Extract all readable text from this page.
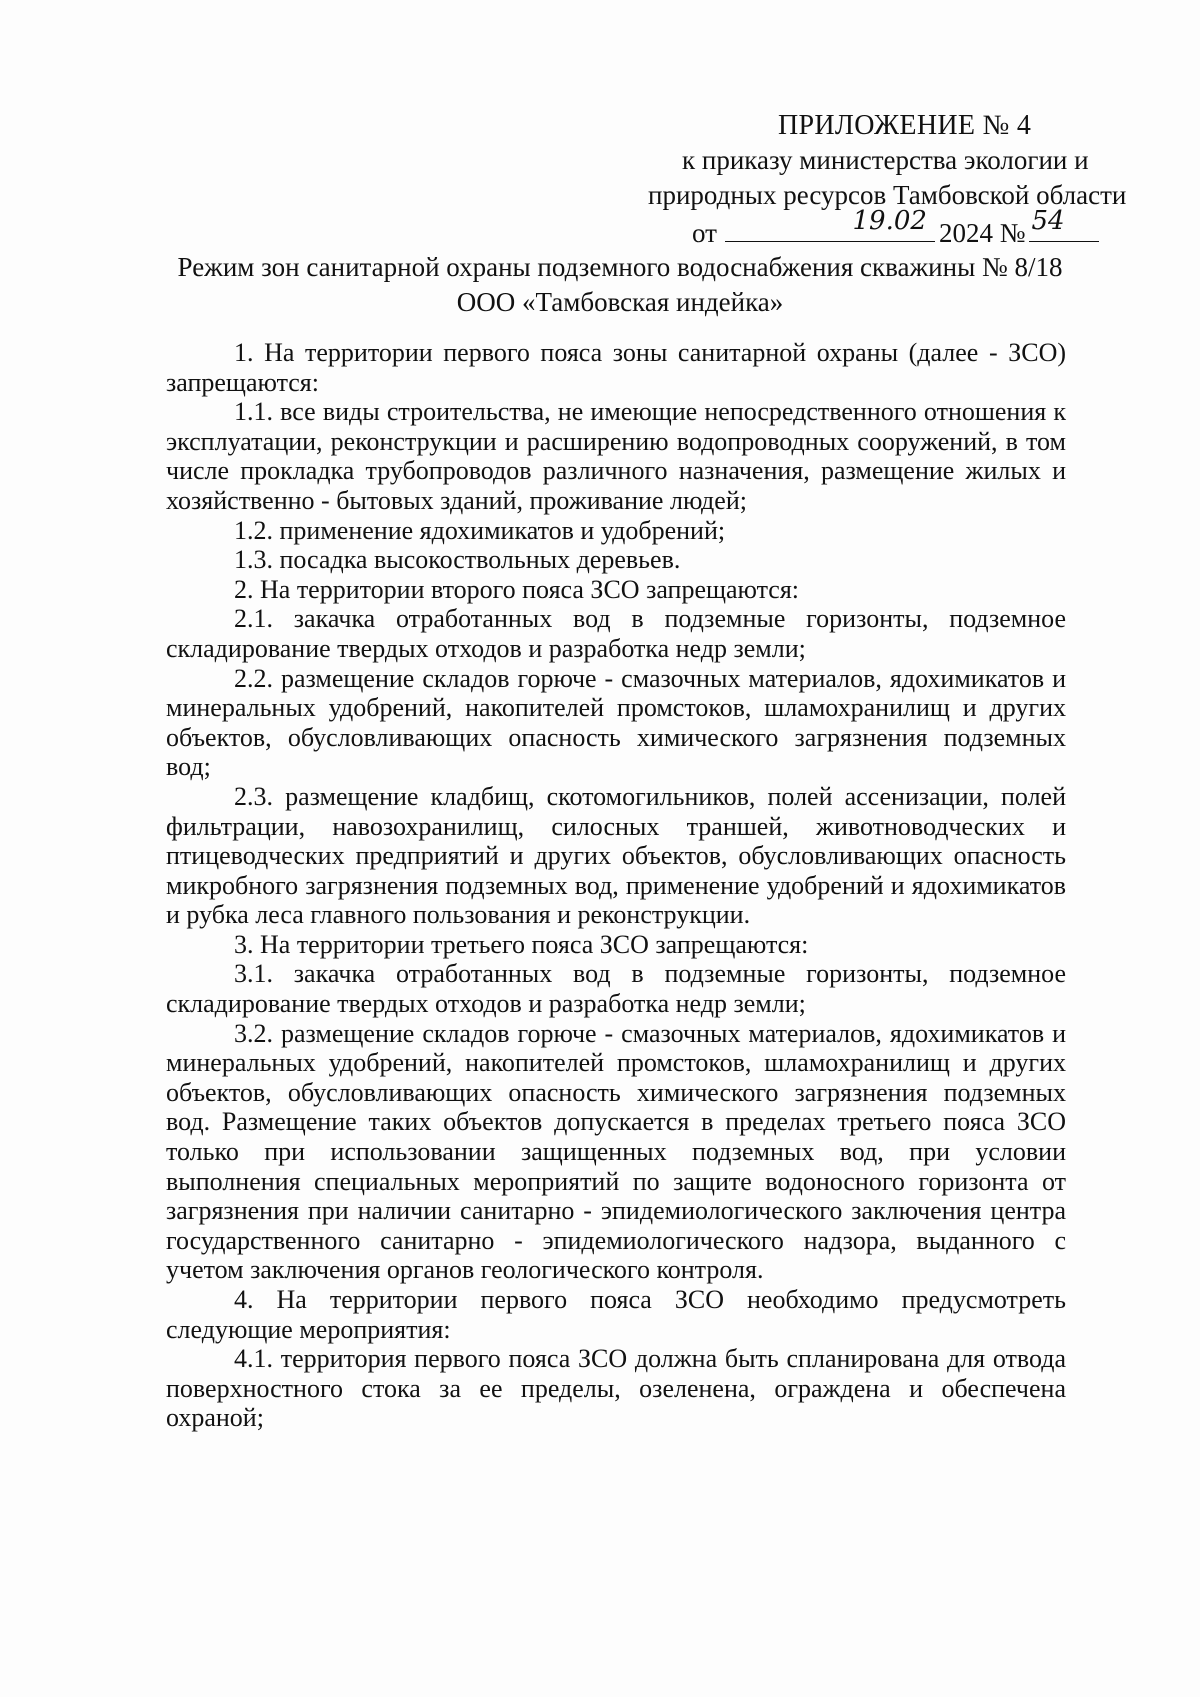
ПРИЛОЖЕНИЕ № 4
к приказу министерства экологии и
природных ресурсов Тамбовской области
от	19.02 2024 № 54
Режим зон санитарной охраны подземного водоснабжения скважины № 8/18
ООО «Тамбовская индейка»

1. На территории первого пояса зоны санитарной охраны (далее - ЗСО) запрещаются:

1.1. все виды строительства, не имеющие непосредственного отношения к эксплуатации, реконструкции и расширению водопроводных сооружений, в том числе прокладка трубопроводов различного назначения, размещение жилых и хозяйственно - бытовых зданий, проживание людей;

1.2. применение ядохимикатов и удобрений;

1.3. посадка высокоствольных деревьев.

2. На территории второго пояса ЗСО запрещаются:

2.1. закачка отработанных вод в подземные горизонты, подземное складирование твердых отходов и разработка недр земли;

2.2. размещение складов горюче - смазочных материалов, ядохимикатов и минеральных удобрений, накопителей промстоков, шламохранилищ и других объектов, обусловливающих опасность химического загрязнения подземных вод;

2.3. размещение кладбищ, скотомогильников, полей ассенизации, полей фильтрации, навозохранилищ, силосных траншей, животноводческих и птицеводческих предприятий и других объектов, обусловливающих опасность микробного загрязнения подземных вод, применение удобрений и ядохимикатов и рубка леса главного пользования и реконструкции.

3. На территории третьего пояса ЗСО запрещаются:

3.1. закачка отработанных вод в подземные горизонты, подземное складирование твердых отходов и разработка недр земли;

3.2. размещение складов горюче - смазочных материалов, ядохимикатов и минеральных удобрений, накопителей промстоков, шламохранилищ и других объектов, обусловливающих опасность химического загрязнения подземных вод. Размещение таких объектов допускается в пределах третьего пояса ЗСО только при использовании защищенных подземных вод, при условии выполнения специальных мероприятий по защите водоносного горизонта от загрязнения при наличии санитарно - эпидемиологического заключения центра государственного санитарно - эпидемиологического надзора, выданного с учетом заключения органов геологического контроля.

4. На территории первого пояса ЗСО необходимо предусмотреть следующие мероприятия:

4.1. территория первого пояса ЗСО должна быть спланирована для отвода поверхностного стока за ее пределы, озеленена, ограждена и обеспечена охраной;
